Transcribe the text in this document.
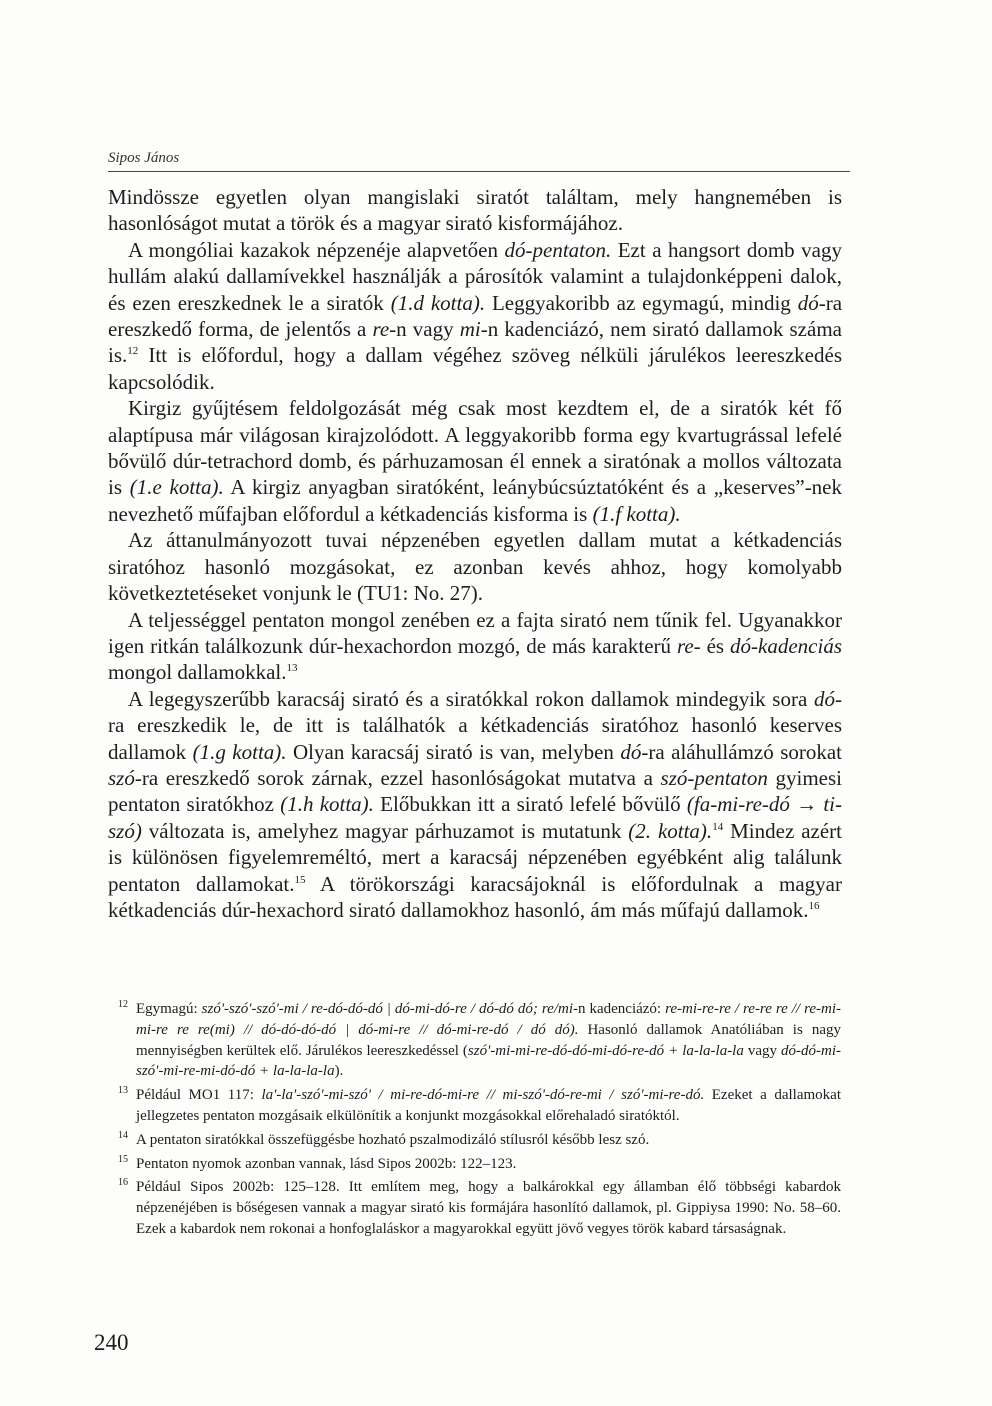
Sipos János

Mindössze egyetlen olyan mangislaki siratót találtam, mely hangnemében is hasonlóságot mutat a török és a magyar sirató kisformájához.

A mongóliai kazakok népzenéje alapvetően dó-pentaton. Ezt a hangsort domb vagy hullám alakú dallamívekkel használják a párosítók valamint a tulajdonképpeni dalok, és ezen ereszkednek le a siratók (1.d kotta). Leggyakoribb az egymagú, mindig dó-ra ereszkedő forma, de jelentős a re-n vagy mi-n kadenciázó, nem sirató dallamok száma is.$^{12}$ Itt is előfordul, hogy a dallam végéhez szöveg nélküli járulékos leereszkedés kapcsolódik.

Kirgiz gyűjtésem feldolgozását még csak most kezdtem el, de a siratók két fő alaptípusa már világosan kirajzolódott. A leggyakoribb forma egy kvartugrással lefelé bővülő dúr-tetrachord domb, és párhuzamosan él ennek a siratónak a mollos változata is (1.e kotta). A kirgiz anyagban siratóként, leánybúcsúztatóként és a „keserves”-nek nevezhető műfajban előfordul a kétkadenciás kisforma is (1.f kotta).

Az áttanulmányozott tuvai népzenében egyetlen dallam mutat a kétkadenciás siratóhoz hasonló mozgásokat, ez azonban kevés ahhoz, hogy komolyabb következtetéseket vonjunk le (TU1: No. 27).

A teljességgel pentaton mongol zenében ez a fajta sirató nem tűnik fel. Ugyanakkor igen ritkán találkozunk dúr-hexachordon mozgó, de más karakterű re- és dó-kadenciás mongol dallamokkal.$^{13}$

A legegyszerűbb karacsáj sirató és a siratókkal rokon dallamok mindegyik sora dó-ra ereszkedik le, de itt is találhatók a kétkadenciás siratóhoz hasonló keserves dallamok (1.g kotta). Olyan karacsáj sirató is van, melyben dó-ra aláhullámzó sorokat szó-ra ereszkedő sorok zárnak, ezzel hasonlóságokat mutatva a szó-pentaton gyimesi pentaton siratókhoz (1.h kotta). Előbukkan itt a sirató lefelé bővülő (fa-mi-re-dó → ti-szó) változata is, amelyhez magyar párhuzamot is mutatunk (2. kotta).$^{14}$ Mindez azért is különösen figyelemreméltó, mert a karacsáj népzenében egyébként alig találunk pentaton dallamokat.$^{15}$ A törökországi karacsájoknál is előfordulnak a magyar kétkadenciás dúr-hexachord sirató dallamokhoz hasonló, ám más műfajú dallamok.$^{16}$

12 Egymagú: szó'-szó'-szó'-mi / re-dó-dó-dó | dó-mi-dó-re / dó-dó dó; re/mi-n kadenciázó: re-mi-re-re / re-re re // re-mi-mi-re re re(mi) // dó-dó-dó-dó | dó-mi-re // dó-mi-re-dó / dó dó). Hasonló dallamok Anatóliában is nagy mennyiségben kerültek elő. Járulékos leereszkedéssel (szó'-mi-mi-re-dó-dó-mi-dó-re-dó + la-la-la-la vagy dó-dó-mi-szó'-mi-re-mi-dó-dó + la-la-la-la).
13 Például MO1 117: la'-la'-szó'-mi-szó' / mi-re-dó-mi-re // mi-szó'-dó-re-mi / szó'-mi-re-dó. Ezeket a dallamokat jellegzetes pentaton mozgásaik elkülönítik a konjunkt mozgásokkal előrehaladó siratóktól.
14 A pentaton siratókkal összefüggésbe hozható pszalmodizáló stílusról később lesz szó.
15 Pentaton nyomok azonban vannak, lásd Sipos 2002b: 122–123.
16 Például Sipos 2002b: 125–128. Itt említem meg, hogy a balkárokkal egy államban élő többségi kabardok népzenéjében is bőségesen vannak a magyar sirató kis formájára hasonlító dallamok, pl. Gippiysa 1990: No. 58–60. Ezek a kabardok nem rokonai a honfoglaláskor a magyarokkal együtt jövő vegyes török kabard társaságnak.
240
